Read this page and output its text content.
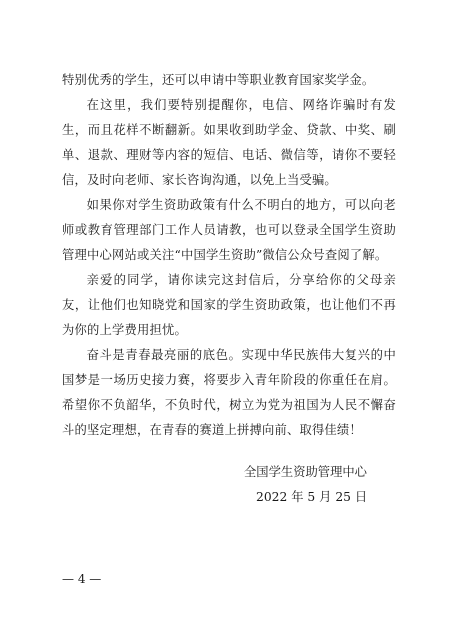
特别优秀的学生，还可以申请中等职业教育国家奖学金。

在这里，我们要特别提醒你，电信、网络诈骗时有发生，而且花样不断翻新。如果收到助学金、贷款、中奖、刷单、退款、理财等内容的短信、电话、微信等，请你不要轻信，及时向老师、家长咨询沟通，以免上当受骗。

如果你对学生资助政策有什么不明白的地方，可以向老师或教育管理部门工作人员请教，也可以登录全国学生资助管理中心网站或关注“中国学生资助”微信公众号查阅了解。

亲爱的同学，请你读完这封信后，分享给你的父母亲友，让他们也知晓党和国家的学生资助政策，也让他们不再为你的上学费用担忧。

奋斗是青春最亮丽的底色。实现中华民族伟大复兴的中国梦是一场历史接力赛，将要步入青年阶段的你重任在肩。希望你不负韶华，不负时代，树立为党为祖国为人民不懈奋斗的坚定理想，在青春的赛道上拼搏向前、取得佳绩！

全国学生资助管理中心
2022 年 5 月 25 日
— 4 —
